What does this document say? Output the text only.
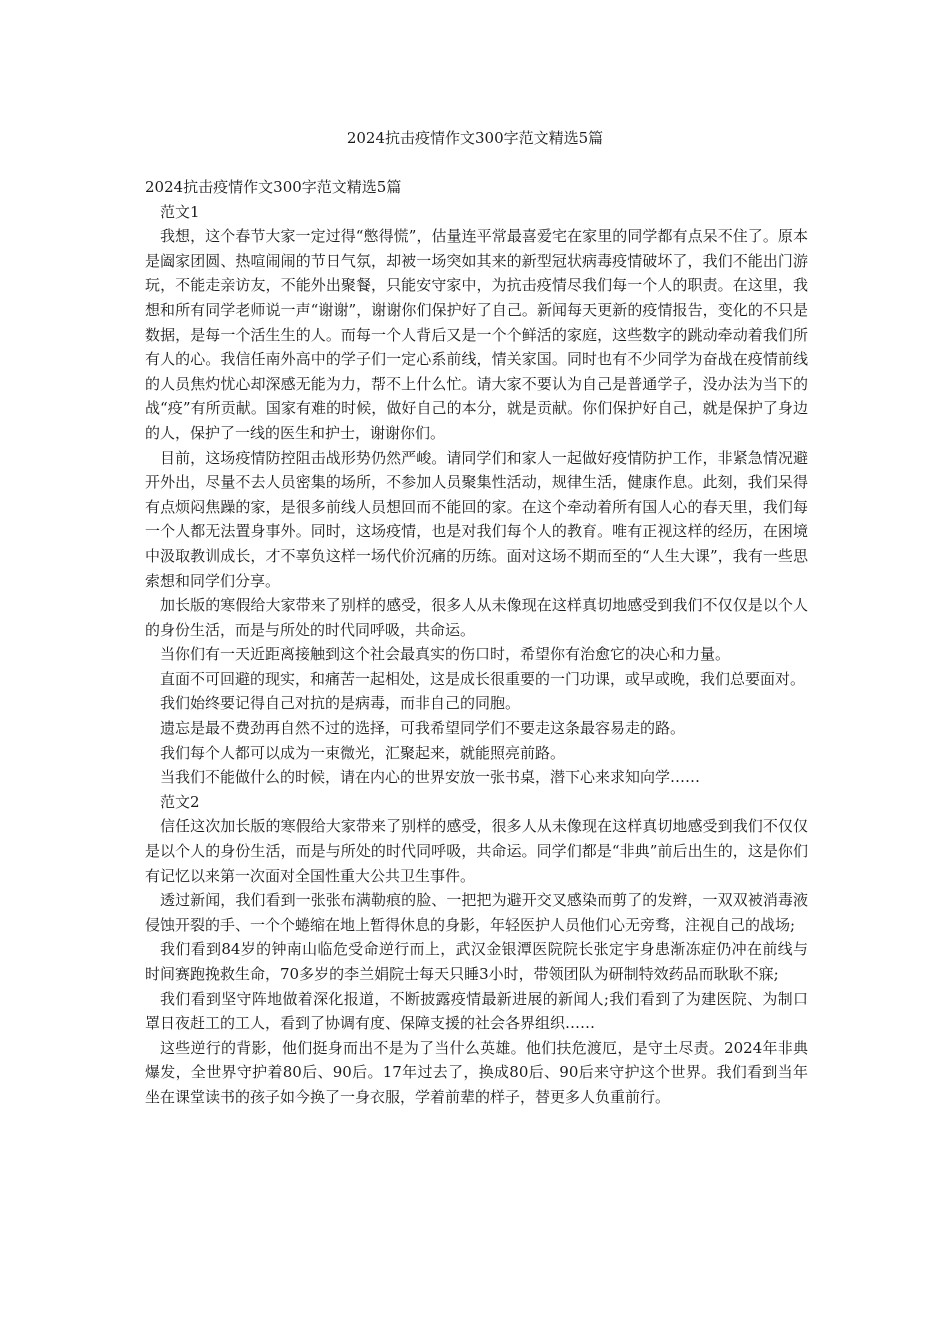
2024抗击疫情作文300字范文精选5篇

2024抗击疫情作文300字范文精选5篇

范文1

我想，这个春节大家一定过得“憋得慌”，估量连平常最喜爱宅在家里的同学都有点呆不住了。原本是阖家团圆、热喧闹闹的节日气氛，却被一场突如其来的新型冠状病毒疫情破坏了，我们不能出门游玩，不能走亲访友，不能外出聚餐，只能安守家中，为抗击疫情尽我们每一个人的职责。在这里，我想和所有同学老师说一声“谢谢”，谢谢你们保护好了自己。新闻每天更新的疫情报告，变化的不只是数据，是每一个活生生的人。而每一个人背后又是一个个鲜活的家庭，这些数字的跳动牵动着我们所有人的心。我信任南外高中的学子们一定心系前线，情关家国。同时也有不少同学为奋战在疫情前线的人员焦灼忧心却深感无能为力，帮不上什么忙。请大家不要认为自己是普通学子，没办法为当下的战“疫”有所贡献。国家有难的时候，做好自己的本分，就是贡献。你们保护好自己，就是保护了身边的人，保护了一线的医生和护士，谢谢你们。

目前，这场疫情防控阻击战形势仍然严峻。请同学们和家人一起做好疫情防护工作，非紧急情况避开外出，尽量不去人员密集的场所，不参加人员聚集性活动，规律生活，健康作息。此刻，我们呆得有点烦闷焦躁的家，是很多前线人员想回而不能回的家。在这个牵动着所有国人心的春天里，我们每一个人都无法置身事外。同时，这场疫情，也是对我们每个人的教育。唯有正视这样的经历，在困境中汲取教训成长，才不辜负这样一场代价沉痛的历练。面对这场不期而至的“人生大课”，我有一些思索想和同学们分享。

加长版的寒假给大家带来了别样的感受，很多人从未像现在这样真切地感受到我们不仅仅是以个人的身份生活，而是与所处的时代同呼吸，共命运。

当你们有一天近距离接触到这个社会最真实的伤口时，希望你有治愈它的决心和力量。

直面不可回避的现实，和痛苦一起相处，这是成长很重要的一门功课，或早或晚，我们总要面对。

我们始终要记得自己对抗的是病毒，而非自己的同胞。

遗忘是最不费劲再自然不过的选择，可我希望同学们不要走这条最容易走的路。

我们每个人都可以成为一束微光，汇聚起来，就能照亮前路。

当我们不能做什么的时候，请在内心的世界安放一张书桌，潜下心来求知向学……

范文2

信任这次加长版的寒假给大家带来了别样的感受，很多人从未像现在这样真切地感受到我们不仅仅是以个人的身份生活，而是与所处的时代同呼吸，共命运。同学们都是“非典”前后出生的，这是你们有记忆以来第一次面对全国性重大公共卫生事件。

透过新闻，我们看到一张张布满勒痕的脸、一把把为避开交叉感染而剪了的发辫，一双双被消毒液侵蚀开裂的手、一个个蜷缩在地上暂得休息的身影，年轻医护人员他们心无旁骛，注视自己的战场;

我们看到84岁的钟南山临危受命逆行而上，武汉金银潭医院院长张定宇身患渐冻症仍冲在前线与时间赛跑挽救生命，70多岁的李兰娟院士每天只睡3小时，带领团队为研制特效药品而耿耿不寐;

我们看到坚守阵地做着深化报道，不断披露疫情最新进展的新闻人;我们看到了为建医院、为制口罩日夜赶工的工人，看到了协调有度、保障支援的社会各界组织……

这些逆行的背影，他们挺身而出不是为了当什么英雄。他们扶危渡厄，是守土尽责。2024年非典爆发，全世界守护着80后、90后。17年过去了，换成80后、90后来守护这个世界。我们看到当年坐在课堂读书的孩子如今换了一身衣服，学着前辈的样子，替更多人负重前行。
